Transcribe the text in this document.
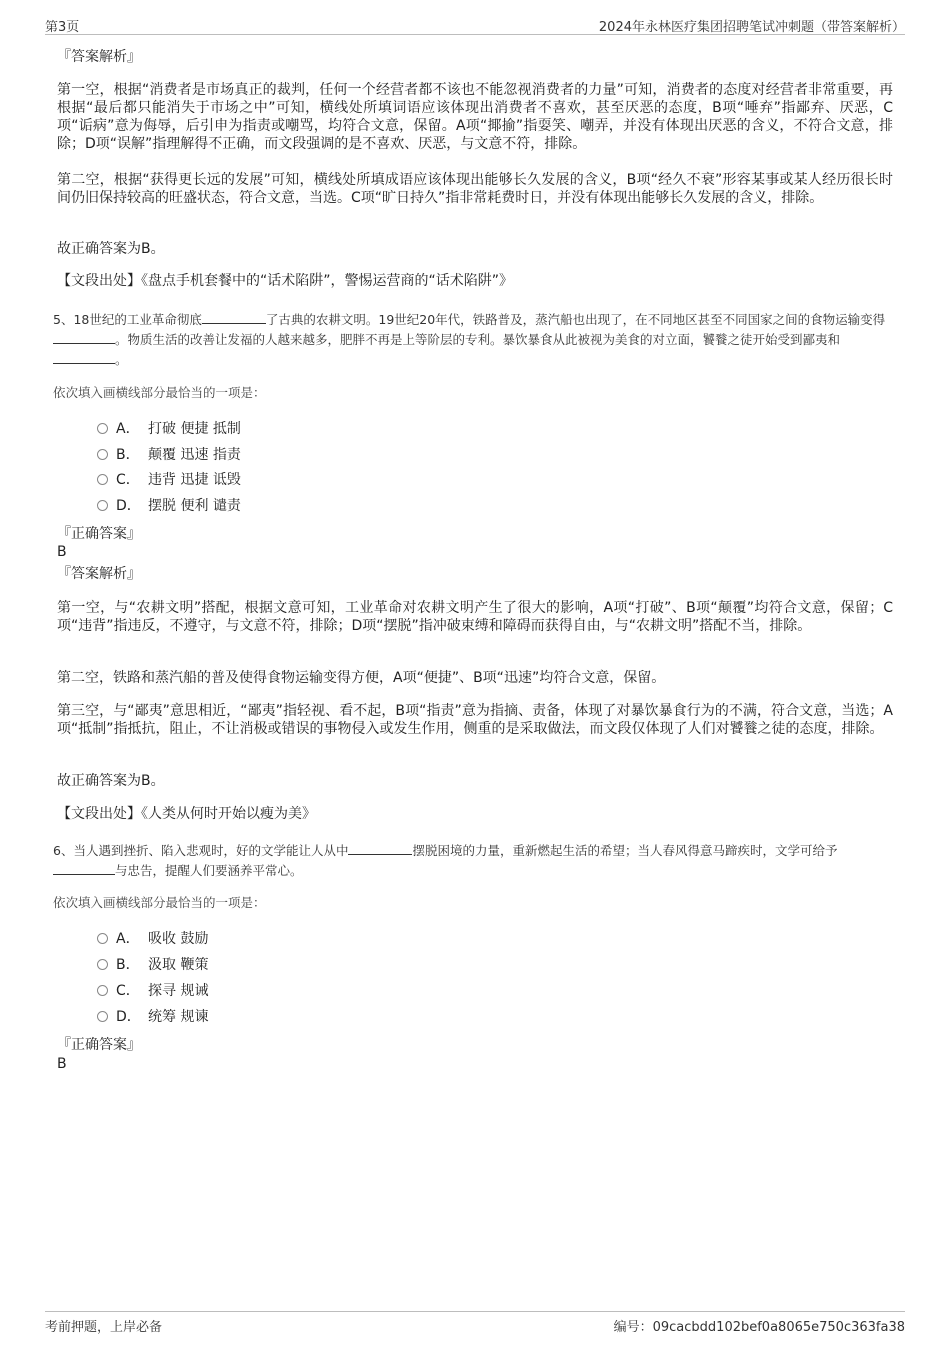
第3页	2024年永林医疗集团招聘笔试冲刺题（带答案解析）
『答案解析』
第一空，根据“消费者是市场真正的裁判，任何一个经营者都不该也不能忽视消费者的力量”可知，消费者的态度对经营者非常重要，再根据“最后都只能消失于市场之中”可知，横线处所填词语应该体现出消费者不喜欢，甚至厌恶的态度，B项“唾弃”指鄙弃、厌恶，C项“诟病”意为侮辱，后引申为指责或嘲骂，均符合文意，保留。A项“揶揄”指耍笑、嘲弄，并没有体现出厌恶的含义，不符合文意，排除；D项“误解”指理解得不正确，而文段强调的是不喜欢、厌恶，与文意不符，排除。
第二空，根据“获得更长远的发展”可知，横线处所填成语应该体现出能够长久发展的含义，B项“经久不衰”形容某事或某人经历很长时间仍旧保持较高的旺盛状态，符合文意，当选。C项“旷日持久”指非常耗费时日，并没有体现出能够长久发展的含义，排除。
故正确答案为B。
【文段出处】《盘点手机套餐中的“话术陷阱”，警惕运营商的“话术陷阱”》
5、18世纪的工业革命彻底	了古典的农耕文明。19世纪20年代，铁路普及，蒸汽船也出现了，在不同地区甚至不同国家之间的食物运输变得。物质生活的改善让发福的人越来越多，肥胖不再是上等阶层的专利。暴饮暴食从此被视为美食的对立面，饕餮之徒开始受到鄙夷和。
依次填入画横线部分最恰当的一项是：
A． 打破 便捷 抵制
B． 颠覆 迅速 指责
C． 违背 迅捷 诋毁
D． 摆脱 便利 谴责
『正确答案』
B
『答案解析』
第一空，与“农耕文明”搭配，根据文意可知，工业革命对农耕文明产生了很大的影响，A项“打破”、B项“颠覆”均符合文意，保留；C项“违背”指违反，不遵守，与文意不符，排除；D项“摆脱”指冲破束缚和障碍而获得自由，与“农耕文明”搭配不当，排除。
第二空，铁路和蒸汽船的普及使得食物运输变得方便，A项“便捷”、B项“迅速”均符合文意，保留。
第三空，与“鄙夷”意思相近，“鄙夷”指轻视、看不起，B项“指责”意为指摘、责备，体现了对暴饮暴食行为的不满，符合文意，当选；A项“抵制”指抵抗，阻止，不让消极或错误的事物侵入或发生作用，侧重的是采取做法，而文段仅体现了人们对饕餮之徒的态度，排除。
故正确答案为B。
【文段出处】《人类从何时开始以瘦为美》
6、当人遇到挫折、陷入悲观时，好的文学能让人从中	摆脱困境的力量，重新燃起生活的希望；当人春风得意马蹄疾时，文学可给予与忠告，提醒人们要涵养平常心。
依次填入画横线部分最恰当的一项是：
A． 吸收 鼓励
B． 汲取 鞭策
C． 探寻 规诫
D． 统筹 规谏
『正确答案』
B
考前押题，上岸必备	编号：09cacbdd102bef0a8065e750c363fa38
